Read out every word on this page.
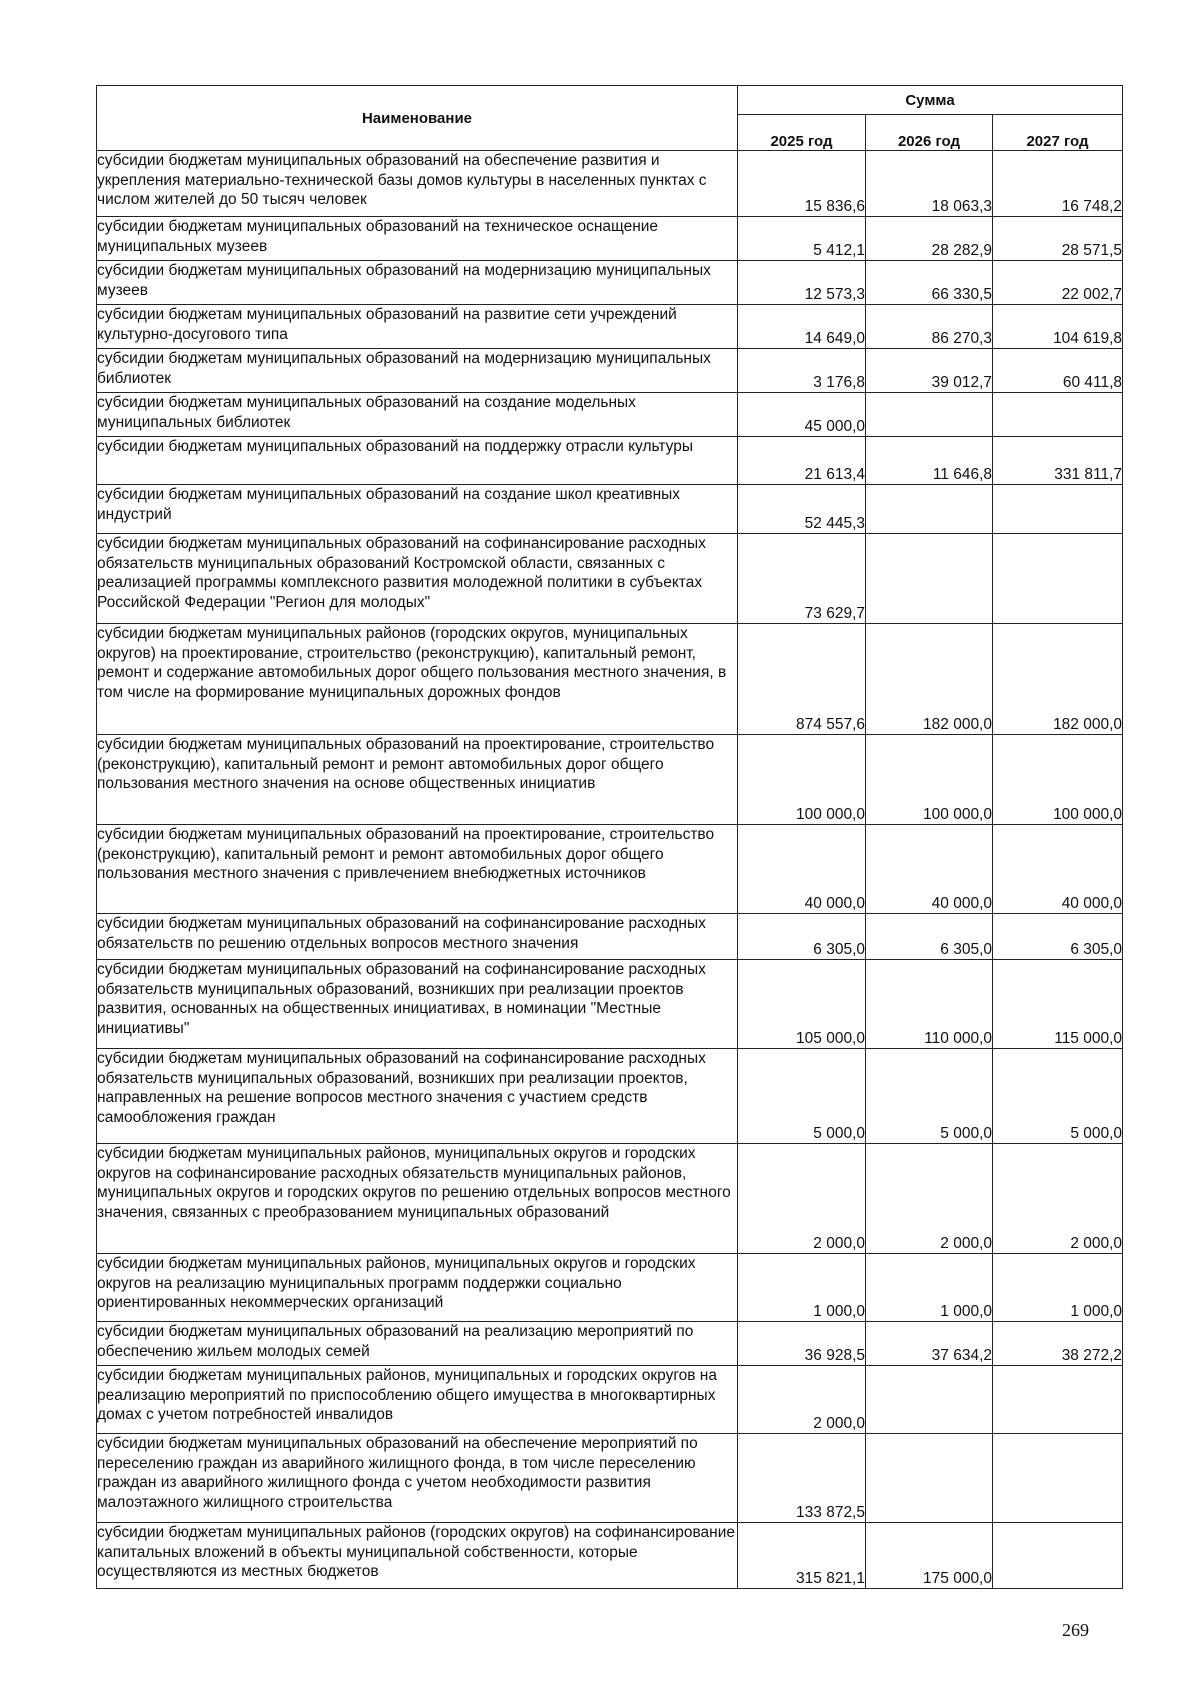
Наименование	Сумма		
	2025 год	2026 год	2027 год
субсидии бюджетам муниципальных образований на обеспечение развития и укрепления материально-технической базы домов культуры в населенных пунктах с числом жителей до 50 тысяч человек	15 836,6	18 063,3	16 748,2
субсидии бюджетам муниципальных образований на техническое оснащение муниципальных музеев	5 412,1	28 282,9	28 571,5
субсидии бюджетам муниципальных образований на модернизацию муниципальных музеев	12 573,3	66 330,5	22 002,7
субсидии бюджетам муниципальных образований на развитие сети учреждений культурно-досугового типа	14 649,0	86 270,3	104 619,8
субсидии бюджетам муниципальных образований на модернизацию муниципальных библиотек	3 176,8	39 012,7	60 411,8
субсидии бюджетам муниципальных образований на создание модельных муниципальных библиотек	45 000,0		
субсидии бюджетам муниципальных образований на поддержку отрасли культуры	21 613,4	11 646,8	331 811,7
субсидии бюджетам муниципальных образований на создание школ креативных индустрий	52 445,3		
субсидии бюджетам муниципальных образований на софинансирование расходных обязательств муниципальных образований Костромской области, связанных с реализацией программы комплексного развития молодежной политики в субъектах Российской Федерации "Регион для молодых"	73 629,7		
субсидии бюджетам муниципальных районов (городских округов, муниципальных округов) на проектирование, строительство (реконструкцию), капитальный ремонт, ремонт и содержание автомобильных дорог общего пользования местного значения, в том числе на формирование муниципальных дорожных фондов	874 557,6	182 000,0	182 000,0
субсидии бюджетам муниципальных образований на проектирование, строительство (реконструкцию), капитальный ремонт и ремонт автомобильных дорог общего пользования местного значения на основе общественных инициатив	100 000,0	100 000,0	100 000,0
субсидии бюджетам муниципальных образований на проектирование, строительство (реконструкцию), капитальный ремонт и ремонт автомобильных дорог общего пользования местного значения с привлечением внебюджетных источников	40 000,0	40 000,0	40 000,0
субсидии бюджетам муниципальных образований на софинансирование расходных обязательств по решению отдельных вопросов местного значения	6 305,0	6 305,0	6 305,0
субсидии бюджетам муниципальных образований на софинансирование расходных обязательств муниципальных образований, возникших при реализации проектов развития, основанных на общественных инициативах, в номинации "Местные инициативы"	105 000,0	110 000,0	115 000,0
субсидии бюджетам муниципальных образований на софинансирование расходных обязательств муниципальных образований, возникших при реализации проектов, направленных на решение вопросов местного значения с участием средств самообложения граждан	5 000,0	5 000,0	5 000,0
субсидии бюджетам муниципальных районов, муниципальных округов и городских округов на софинансирование расходных обязательств муниципальных районов, муниципальных округов и городских округов по решению отдельных вопросов местного значения, связанных с преобразованием муниципальных образований	2 000,0	2 000,0	2 000,0
субсидии бюджетам муниципальных районов, муниципальных округов и городских округов на реализацию муниципальных программ поддержки социально ориентированных некоммерческих организаций	1 000,0	1 000,0	1 000,0
субсидии бюджетам муниципальных образований на реализацию мероприятий по обеспечению жильем молодых семей	36 928,5	37 634,2	38 272,2
субсидии бюджетам муниципальных районов, муниципальных и городских округов на реализацию мероприятий по приспособлению общего имущества в многоквартирных домах с учетом потребностей инвалидов	2 000,0		
субсидии бюджетам муниципальных образований на обеспечение мероприятий по переселению граждан из аварийного жилищного фонда, в том числе переселению граждан из аварийного жилищного фонда с учетом необходимости развития малоэтажного жилищного строительства	133 872,5		
субсидии бюджетам муниципальных районов (городских округов) на софинансирование капитальных вложений в объекты муниципальной собственности, которые осуществляются из местных бюджетов	315 821,1	175 000,0	
269
